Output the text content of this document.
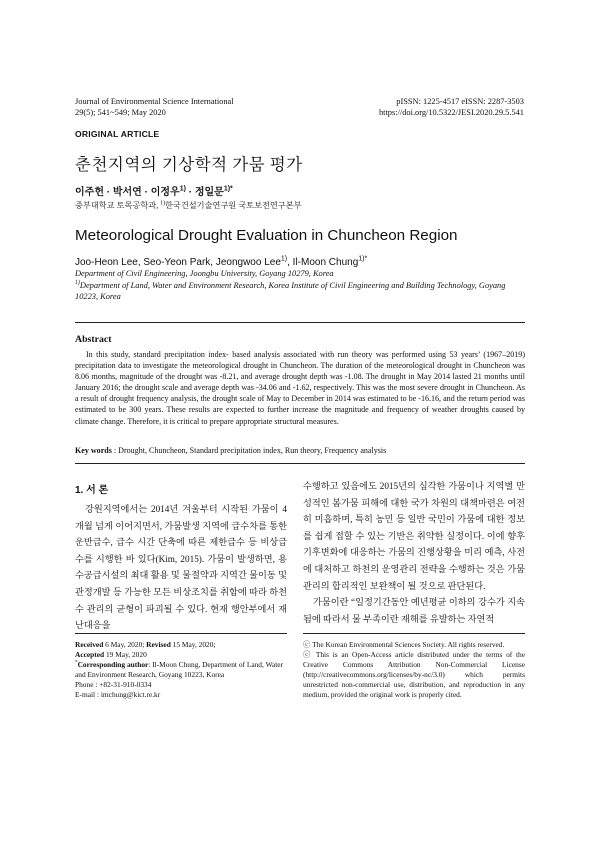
Journal of Environmental Science International
29(5); 541~549; May 2020
pISSN: 1225-4517 eISSN: 2287-3503
https://doi.org/10.5322/JESI.2020.29.5.541
ORIGINAL ARTICLE
춘천지역의 기상학적 가뭄 평가
이주헌 · 박서연 · 이정우$^{1)}$ · 정일문$^{1)*}$
중부대학교 토목공학과, $^{1)}$한국건설기술연구원 국토보전연구본부
Meteorological Drought Evaluation in Chuncheon Region
Joo-Heon Lee, Seo-Yeon Park, Jeongwoo Lee$^{1)}$, Il-Moon Chung$^{1)*}$

Department of Civil Engineering, Joongbu University, Goyang 10279, Korea

$^{1)}$Department of Land, Water and Environment Research, Korea Institute of Civil Engineering and Building Technology, Goyang 10223, Korea

Abstract

In this study, standard precipitation index- based analysis associated with run theory was performed using 53 years’ (1967–2019) precipitation data to investigate the meteorological drought in Chuncheon. The duration of the meteorological drought in Chuncheon was 8.06 months, magnitude of the drought was -8.21, and average drought depth was -1.08. The drought in May 2014 lasted 21 months until January 2016; the drought scale and average depth was -34.06 and -1.62, respectively. This was the most severe drought in Chuncheon. As a result of drought frequency analysis, the drought scale of May to December in 2014 was estimated to be -16.16, and the return period was estimated to be 300 years. These results are expected to further increase the magnitude and frequency of weather droughts caused by climate change. Therefore, it is critical to prepare appropriate structural measures.

Key words : Drought, Chuncheon, Standard precipitation index, Run theory, Frequency analysis
1. 서 론

강원지역에서는 2014년 겨울부터 시작된 가뭄이 4개월 넘게 이어지면서, 가뭄발생 지역에 급수차를 통한 운반급수, 급수 시간 단축에 따른 제한급수 등 비상급수를 시행한 바 있다(Kim, 2015). 가뭄이 발생하면, 용수공급시설의 최대 활용 및 물절약과 지역간 물이동 및 관정개발 등 가능한 모든 비상조치를 취함에 따라 하천수 관리의 균형이 파괴될 수 있다. 현재 행안부에서 재난대응을

수행하고 있음에도 2015년의 심각한 가뭄이나 지역별 만성적인 봄가뭄 피해에 대한 국가 차원의 대책마련은 여전히 미흡하며, 특히 농민 등 일반 국민이 가뭄에 대한 정보를 쉽게 접할 수 있는 기반은 취약한 실정이다. 이에 향후 기후변화에 대응하는 가뭄의 진행상황을 미리 예측, 사전에 대처하고 하천의 운영관리 전략을 수행하는 것은 가뭄관리의 합리적인 보완책이 될 것으로 판단된다.

가뭄이란 “일정기간동안 예년평균 이하의 강수가 지속됨에 따라서 물 부족이란 재해를 유발하는 자연적

Received 6 May, 2020; Revised 15 May, 2020;

Accepted 19 May, 2020

*Corresponding author: Il-Moon Chung, Department of Land, Water and Environment Research, Goyang 10223, Korea

Phone : +82-31-910-0334

E-mail : imchung@kict.re.kr

ⓒ The Korean Environmental Sciences Society. All rights reserved.

ⓒ This is an Open-Access article distributed under the terms of the Creative Commons Attribution Non-Commercial License (http://creativecommons.org/licenses/by-nc/3.0) which permits unrestricted non-commercial use, distribution, and reproduction in any medium, provided the original work is properly cited.
